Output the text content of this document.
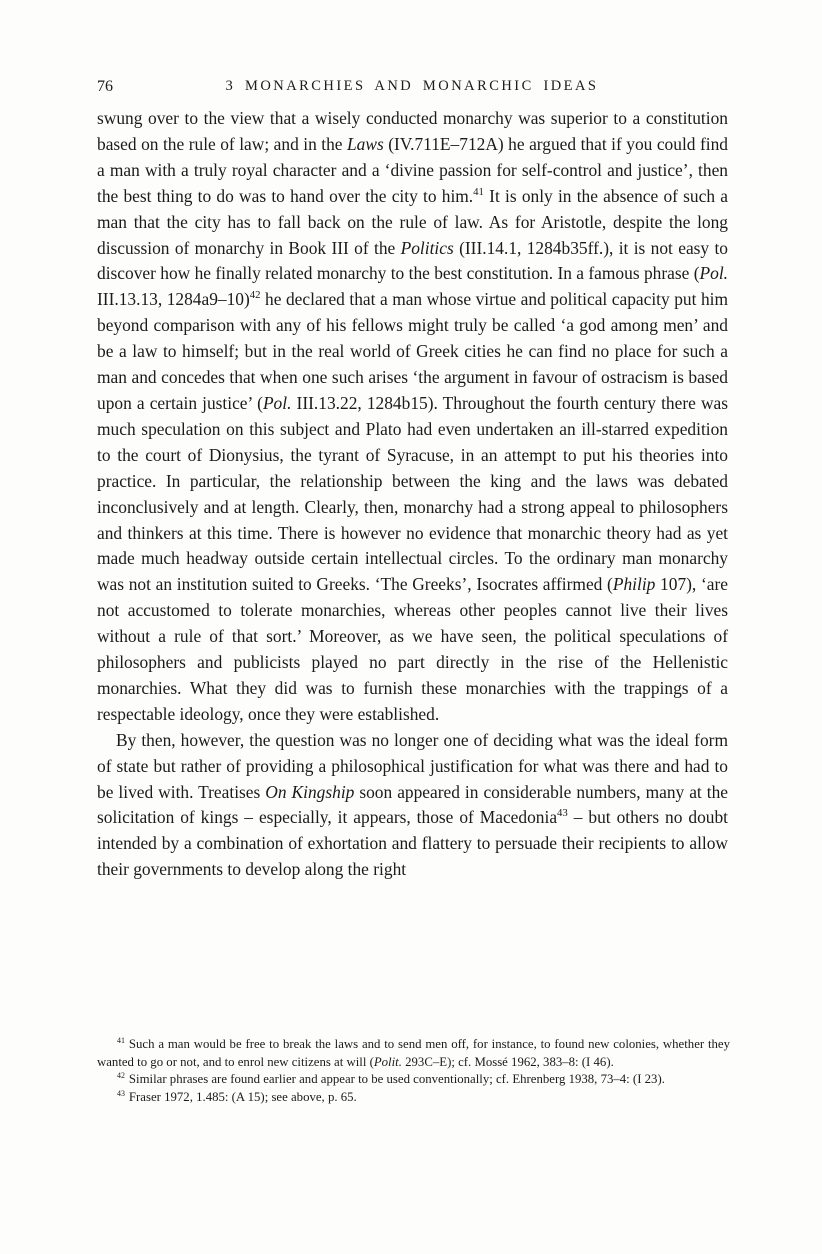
76	3 MONARCHIES AND MONARCHIC IDEAS

swung over to the view that a wisely conducted monarchy was superior to a constitution based on the rule of law; and in the Laws (IV.711E–712A) he argued that if you could find a man with a truly royal character and a ‘divine passion for self-control and justice’, then the best thing to do was to hand over the city to him.$^{41}$ It is only in the absence of such a man that the city has to fall back on the rule of law. As for Aristotle, despite the long discussion of monarchy in Book III of the Politics (III.14.1, 1284b35ff.), it is not easy to discover how he finally related monarchy to the best constitution. In a famous phrase (Pol. III.13.13, 1284a9–10)$^{42}$ he declared that a man whose virtue and political capacity put him beyond comparison with any of his fellows might truly be called ‘a god among men’ and be a law to himself; but in the real world of Greek cities he can find no place for such a man and concedes that when one such arises ‘the argument in favour of ostracism is based upon a certain justice’ (Pol. III.13.22, 1284b15). Throughout the fourth century there was much speculation on this subject and Plato had even undertaken an ill-starred expedition to the court of Dionysius, the tyrant of Syracuse, in an attempt to put his theories into practice. In particular, the relationship between the king and the laws was debated inconclusively and at length. Clearly, then, monarchy had a strong appeal to philosophers and thinkers at this time. There is however no evidence that monarchic theory had as yet made much headway outside certain intellectual circles. To the ordinary man monarchy was not an institution suited to Greeks. ‘The Greeks’, Isocrates affirmed (Philip 107), ‘are not accustomed to tolerate monarchies, whereas other peoples cannot live their lives without a rule of that sort.’ Moreover, as we have seen, the political speculations of philosophers and publicists played no part directly in the rise of the Hellenistic monarchies. What they did was to furnish these monarchies with the trappings of a respectable ideology, once they were established.

By then, however, the question was no longer one of deciding what was the ideal form of state but rather of providing a philosophical justification for what was there and had to be lived with. Treatises On Kingship soon appeared in considerable numbers, many at the solicitation of kings – especially, it appears, those of Macedonia$^{43}$ – but others no doubt intended by a combination of exhortation and flattery to persuade their recipients to allow their governments to develop along the right

$^{41}$ Such a man would be free to break the laws and to send men off, for instance, to found new colonies, whether they wanted to go or not, and to enrol new citizens at will (Polit. 293C–E); cf. Mossé 1962, 383–8: (I 46).

$^{42}$ Similar phrases are found earlier and appear to be used conventionally; cf. Ehrenberg 1938, 73–4: (I 23).

$^{43}$ Fraser 1972, 1.485: (A 15); see above, p. 65.
